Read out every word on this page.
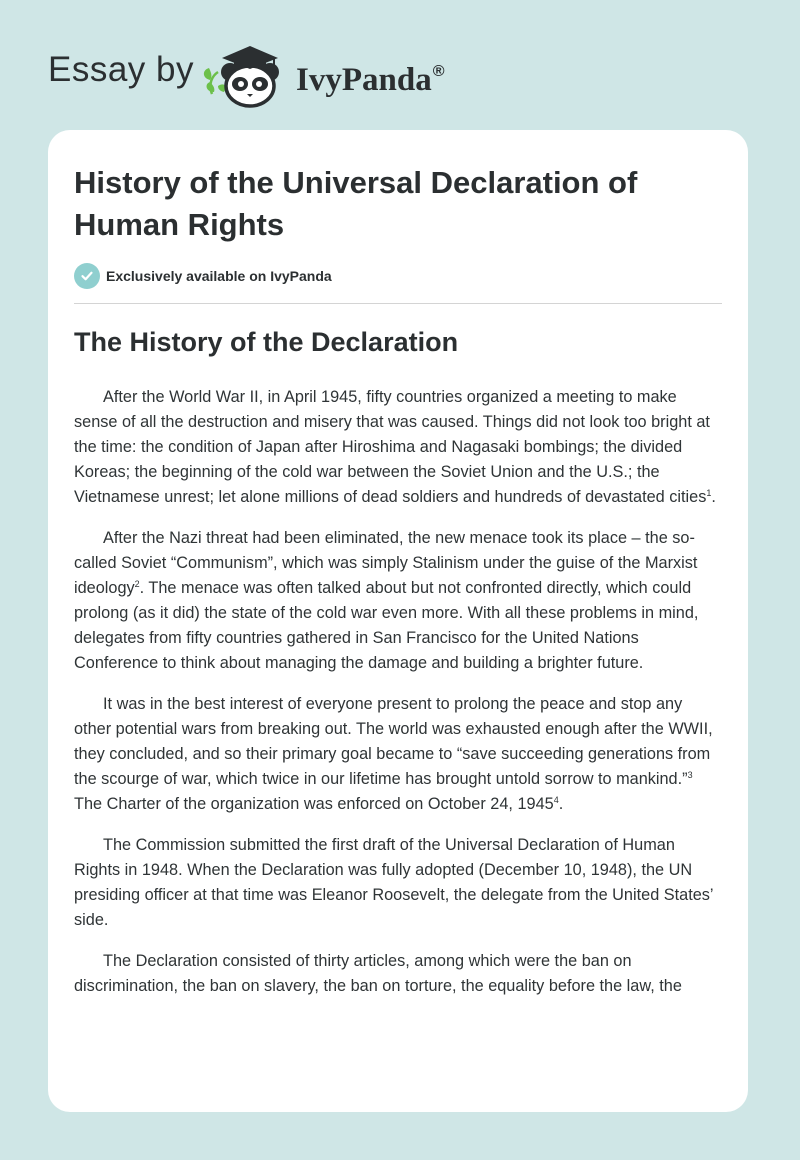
Essay by	IvyPanda®
History of the Universal Declaration of Human Rights
Exclusively available on IvyPanda
The History of the Declaration

After the World War II, in April 1945, fifty countries organized a meeting to make sense of all the destruction and misery that was caused. Things did not look too bright at the time: the condition of Japan after Hiroshima and Nagasaki bombings; the divided Koreas; the beginning of the cold war between the Soviet Union and the U.S.; the Vietnamese unrest; let alone millions of dead soldiers and hundreds of devastated cities$^1$.

After the Nazi threat had been eliminated, the new menace took its place – the so-called Soviet “Communism”, which was simply Stalinism under the guise of the Marxist ideology$^2$. The menace was often talked about but not confronted directly, which could prolong (as it did) the state of the cold war even more. With all these problems in mind, delegates from fifty countries gathered in San Francisco for the United Nations Conference to think about managing the damage and building a brighter future.

It was in the best interest of everyone present to prolong the peace and stop any other potential wars from breaking out. The world was exhausted enough after the WWII, they concluded, and so their primary goal became to “save succeeding generations from the scourge of war, which twice in our lifetime has brought untold sorrow to mankind.”$^3$ The Charter of the organization was enforced on October 24, 1945$^4$.

The Commission submitted the first draft of the Universal Declaration of Human Rights in 1948. When the Declaration was fully adopted (December 10, 1948), the UN presiding officer at that time was Eleanor Roosevelt, the delegate from the United States’ side.

The Declaration consisted of thirty articles, among which were the ban on discrimination, the ban on slavery, the ban on torture, the equality before the law, the
